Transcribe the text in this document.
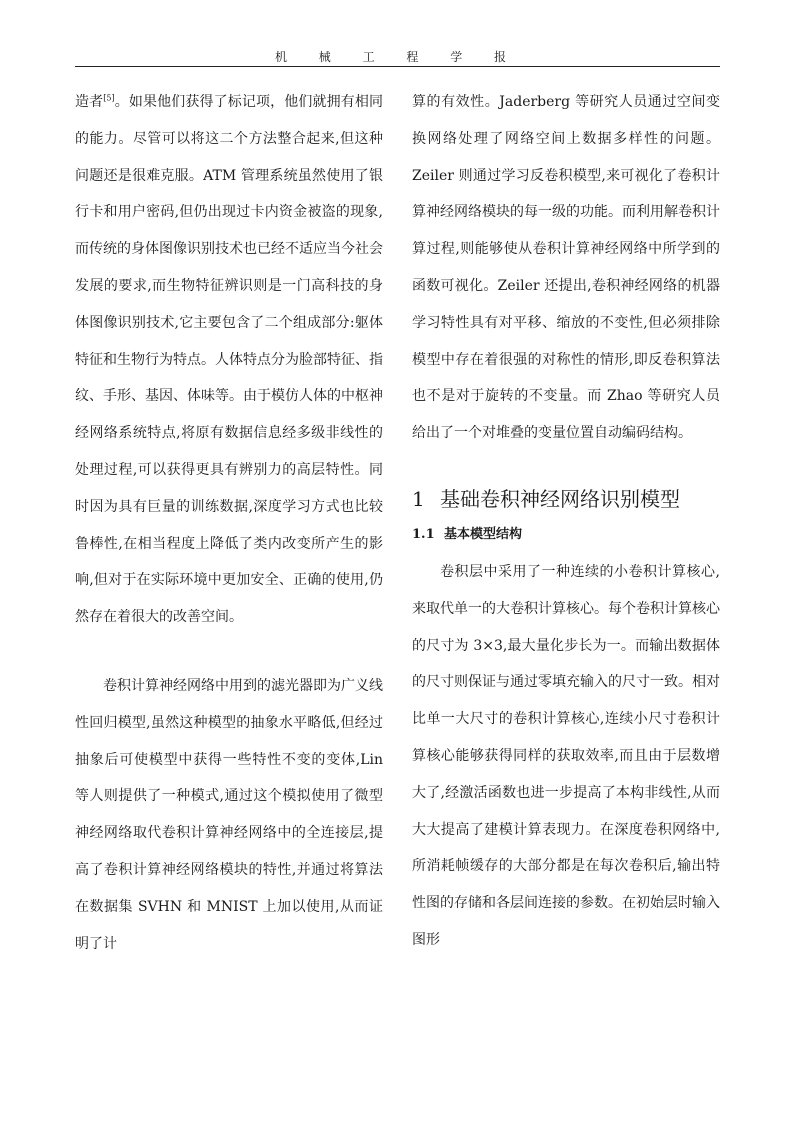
机 械 工 程 学 报

造者[5]。如果他们获得了标记项，他们就拥有相同的能力。尽管可以将这二个方法整合起来,但这种问题还是很难克服。ATM 管理系统虽然使用了银行卡和用户密码,但仍出现过卡内资金被盗的现象,而传统的身体图像识别技术也已经不适应当今社会发展的要求,而生物特征辨识则是一门高科技的身体图像识别技术,它主要包含了二个组成部分:躯体特征和生物行为特点。人体特点分为脸部特征、指纹、手形、基因、体味等。由于模仿人体的中枢神经网络系统特点,将原有数据信息经多级非线性的处理过程,可以获得更具有辨别力的高层特性。同时因为具有巨量的训练数据,深度学习方式也比较鲁棒性,在相当程度上降低了类内改变所产生的影响,但对于在实际环境中更加安全、正确的使用,仍然存在着很大的改善空间。

卷积计算神经网络中用到的滤光器即为广义线性回归模型,虽然这种模型的抽象水平略低,但经过抽象后可使模型中获得一些特性不变的变体,Lin 等人则提供了一种模式,通过这个模拟使用了微型神经网络取代卷积计算神经网络中的全连接层,提高了卷积计算神经网络模块的特性,并通过将算法在数据集 SVHN 和 MNIST 上加以使用,从而证明了计

算的有效性。Jaderberg 等研究人员通过空间变换网络处理了网络空间上数据多样性的问题。Zeiler 则通过学习反卷积模型,来可视化了卷积计算神经网络模块的每一级的功能。而利用解卷积计算过程,则能够使从卷积计算神经网络中所学到的函数可视化。Zeiler 还提出,卷积神经网络的机器学习特性具有对平移、缩放的不变性,但必须排除模型中存在着很强的对称性的情形,即反卷积算法也不是对于旋转的不变量。而 Zhao 等研究人员给出了一个对堆叠的变量位置自动编码结构。

1 基础卷积神经网络识别模型
1.1 基本模型结构

卷积层中采用了一种连续的小卷积计算核心,来取代单一的大卷积计算核心。每个卷积计算核心的尺寸为 3×3,最大量化步长为一。而输出数据体的尺寸则保证与通过零填充输入的尺寸一致。相对比单一大尺寸的卷积计算核心,连续小尺寸卷积计算核心能够获得同样的获取效率,而且由于层数增大了,经激活函数也进一步提高了本构非线性,从而大大提高了建模计算表现力。在深度卷积网络中,所消耗帧缓存的大部分都是在每次卷积后,输出特性图的存储和各层间连接的参数。在初始层时输入图形
